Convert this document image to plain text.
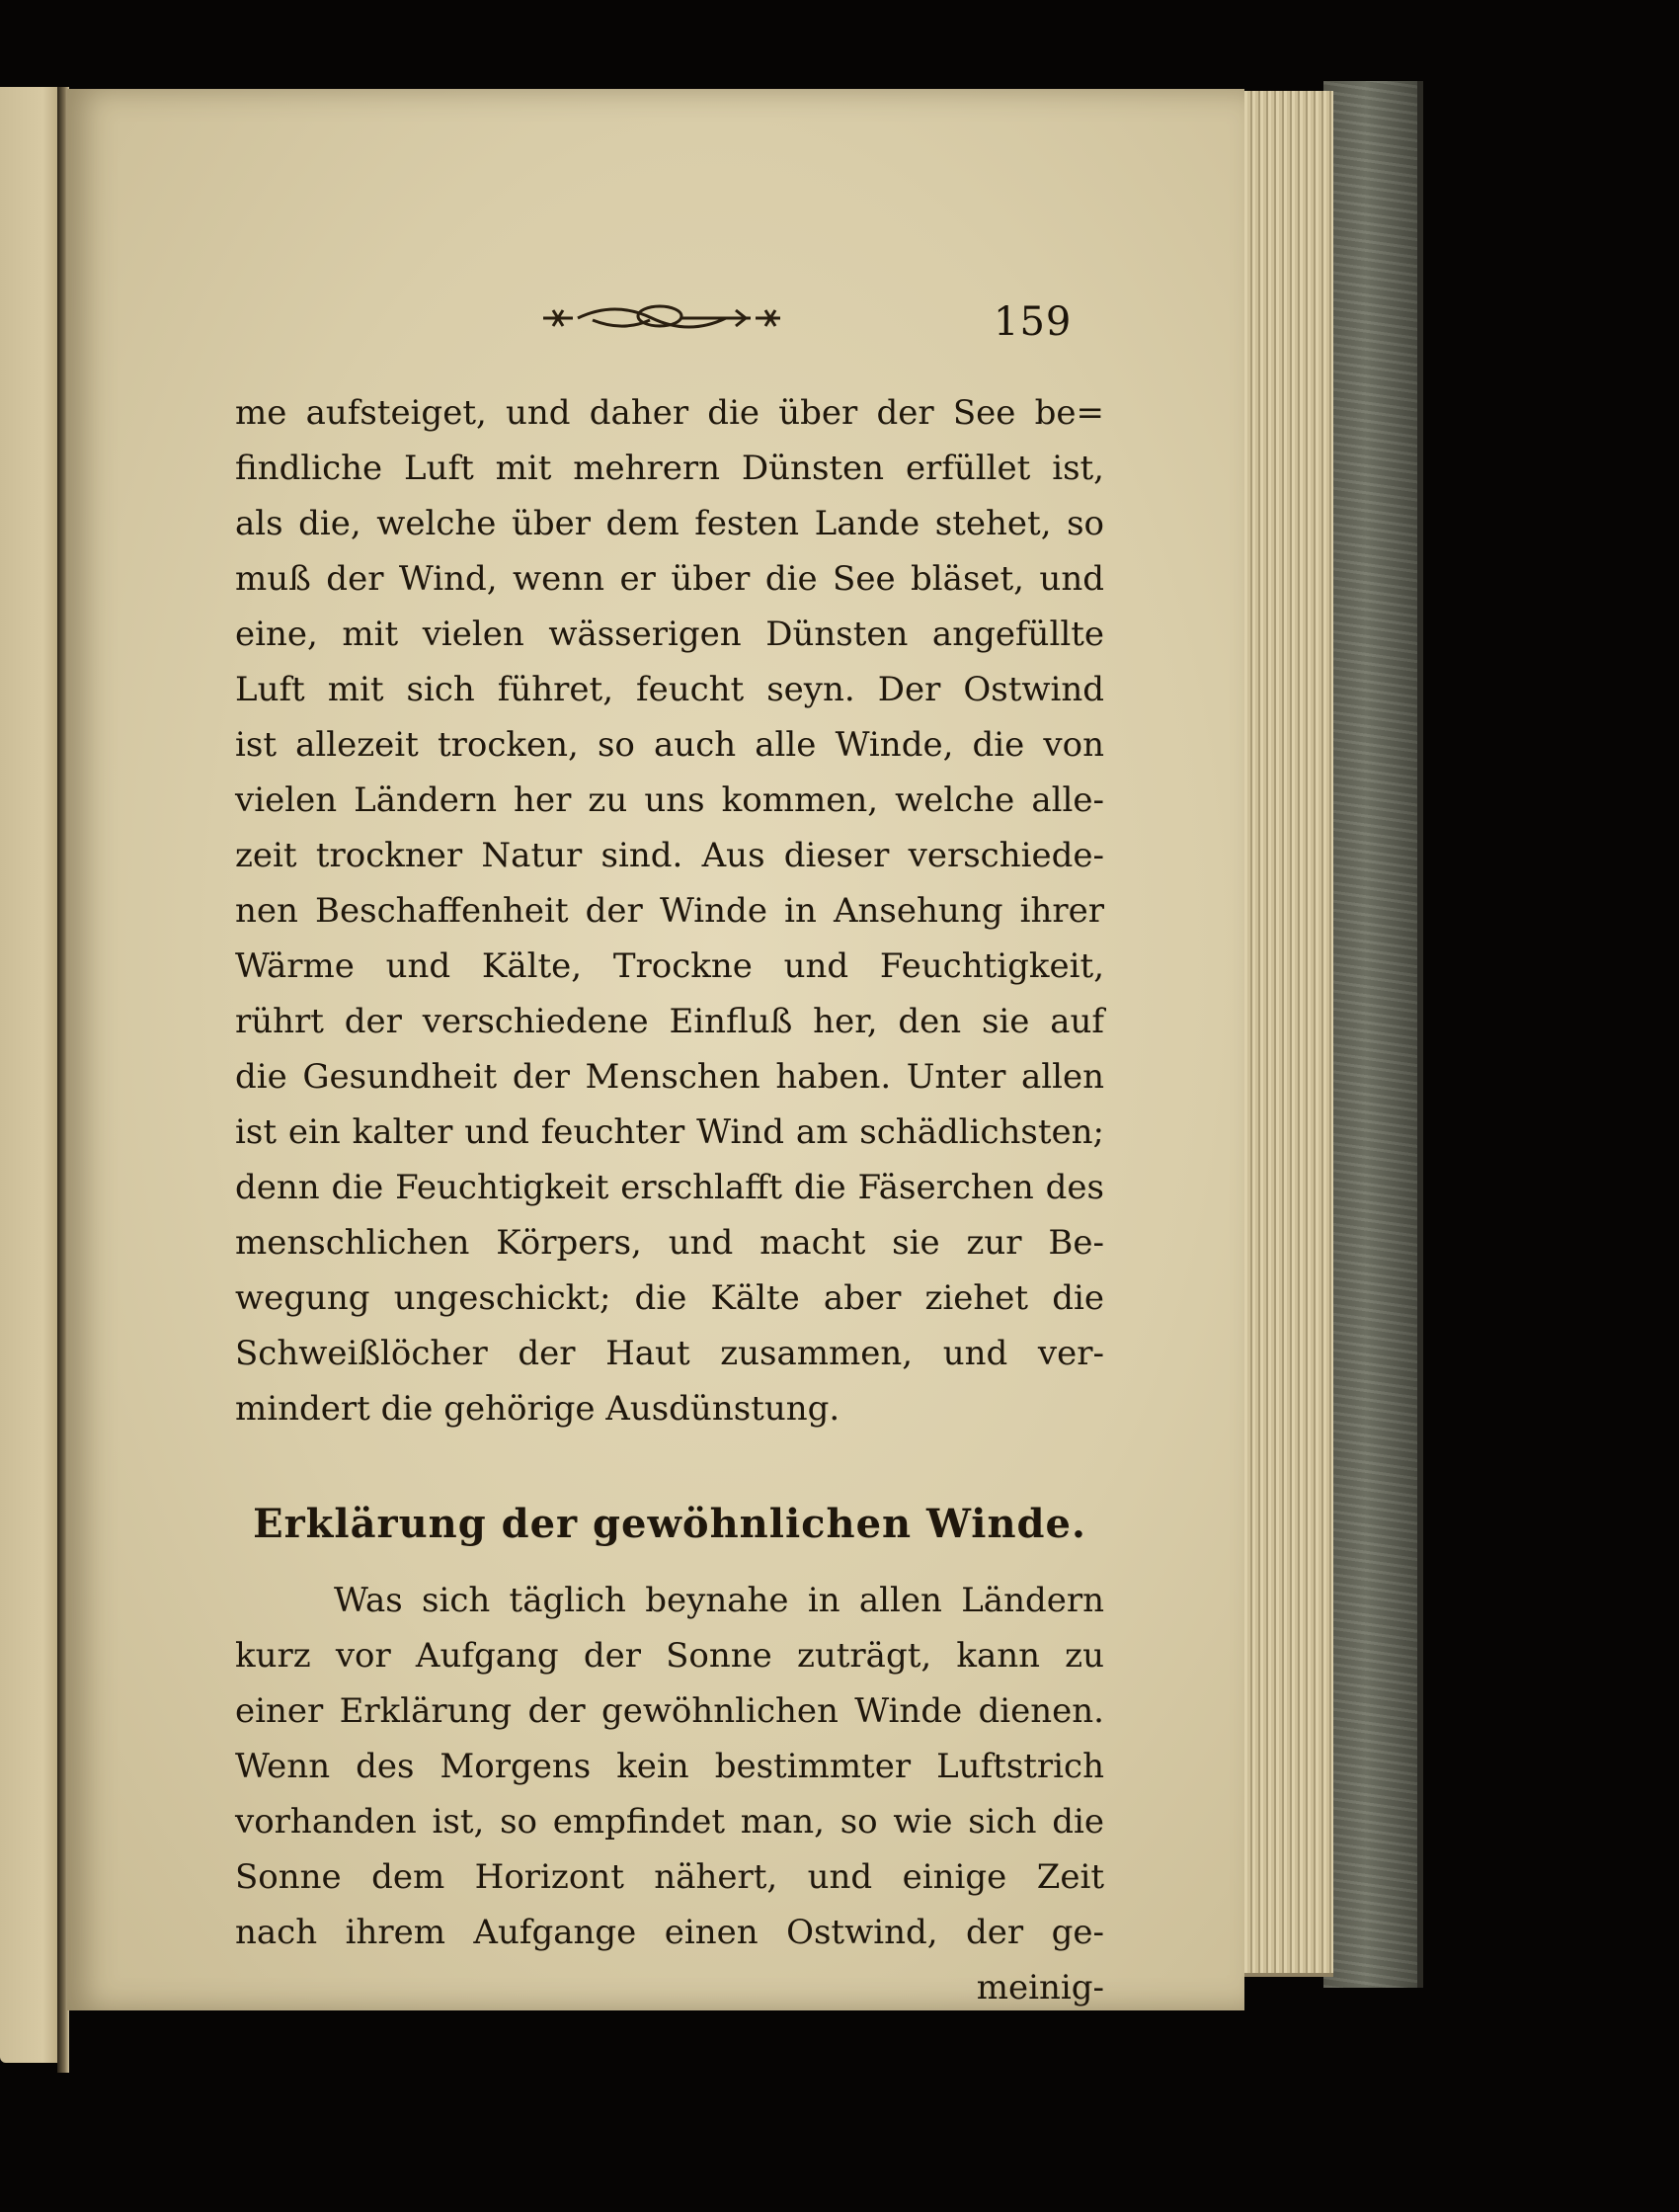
159
me aufsteiget, und daher die über der See be=
findliche Luft mit mehrern Dünsten erfüllet ist,
als die, welche über dem festen Lande stehet, so
muß der Wind, wenn er über die See bläset, und
eine, mit vielen wässerigen Dünsten angefüllte
Luft mit sich führet, feucht seyn. Der Ostwind
ist allezeit trocken, so auch alle Winde, die von
vielen Ländern her zu uns kommen, welche alle-
zeit trockner Natur sind. Aus dieser verschiede-
nen Beschaffenheit der Winde in Ansehung ihrer
Wärme und Kälte, Trockne und Feuchtigkeit,
rührt der verschiedene Einfluß her, den sie auf
die Gesundheit der Menschen haben. Unter allen
ist ein kalter und feuchter Wind am schädlichsten;
denn die Feuchtigkeit erschlafft die Fäserchen des
menschlichen Körpers, und macht sie zur Be-
wegung ungeschickt; die Kälte aber ziehet die
Schweißlöcher der Haut zusammen, und ver-
mindert die gehörige Ausdünstung.
Erklärung der gewöhnlichen Winde.
Was sich täglich beynahe in allen Ländern
kurz vor Aufgang der Sonne zuträgt, kann zu
einer Erklärung der gewöhnlichen Winde dienen.
Wenn des Morgens kein bestimmter Luftstrich
vorhanden ist, so empfindet man, so wie sich die
Sonne dem Horizont nähert, und einige Zeit
nach ihrem Aufgange einen Ostwind, der ge-
meinig-
